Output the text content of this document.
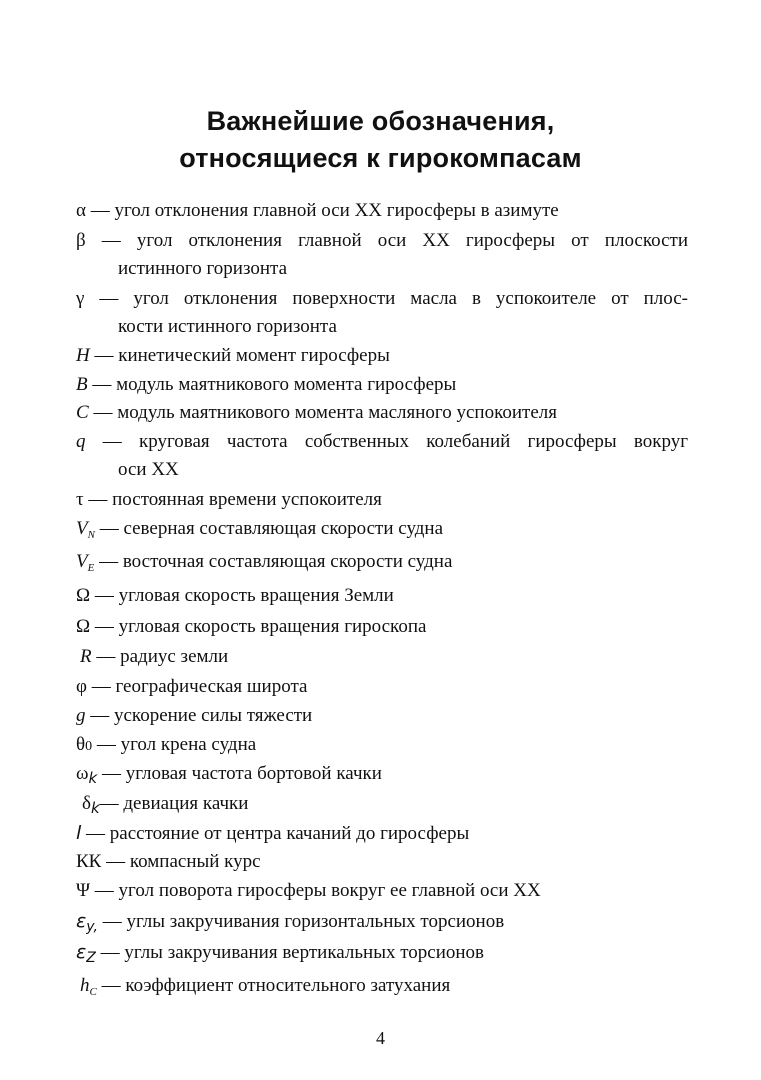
Важнейшие обозначения,
относящиеся к гирокомпасам
α — угол отклонения главной оси XX гиросферы в азимуте
β — угол отклонения главной оси XX гиросферы от плоскости
истинного горизонта
γ — угол отклонения поверхности масла в успокоителе от плос-
кости истинного горизонта
H — кинетический момент гиросферы
B — модуль маятникового момента гиросферы
C — модуль маятникового момента масляного успокоителя
q — круговая частота собственных колебаний гиросферы вокруг
оси XX
τ — постоянная времени успокоителя
$V_N$ — северная составляющая скорости судна
$V_E$ — восточная составляющая скорости судна
Ω — угловая скорость вращения Земли
Ω — угловая скорость вращения гироскопа
R — радиус земли
φ — географическая широта
g — ускорение силы тяжести
θ0 — угол крена судна
$\omega_k$ — угловая частота бортовой качки
$\delta_k—$ девиация качки
l — расстояние от центра качаний до гиросферы
КК — компасный курс
Ψ — угол поворота гиросферы вокруг ее главной оси XX
$\varepsilon_{y,}$ — углы закручивания горизонтальных торсионов
$\varepsilon_Z$ — углы закручивания вертикальных торсионов
$h_C$ — коэффициент относительного затухания
4
